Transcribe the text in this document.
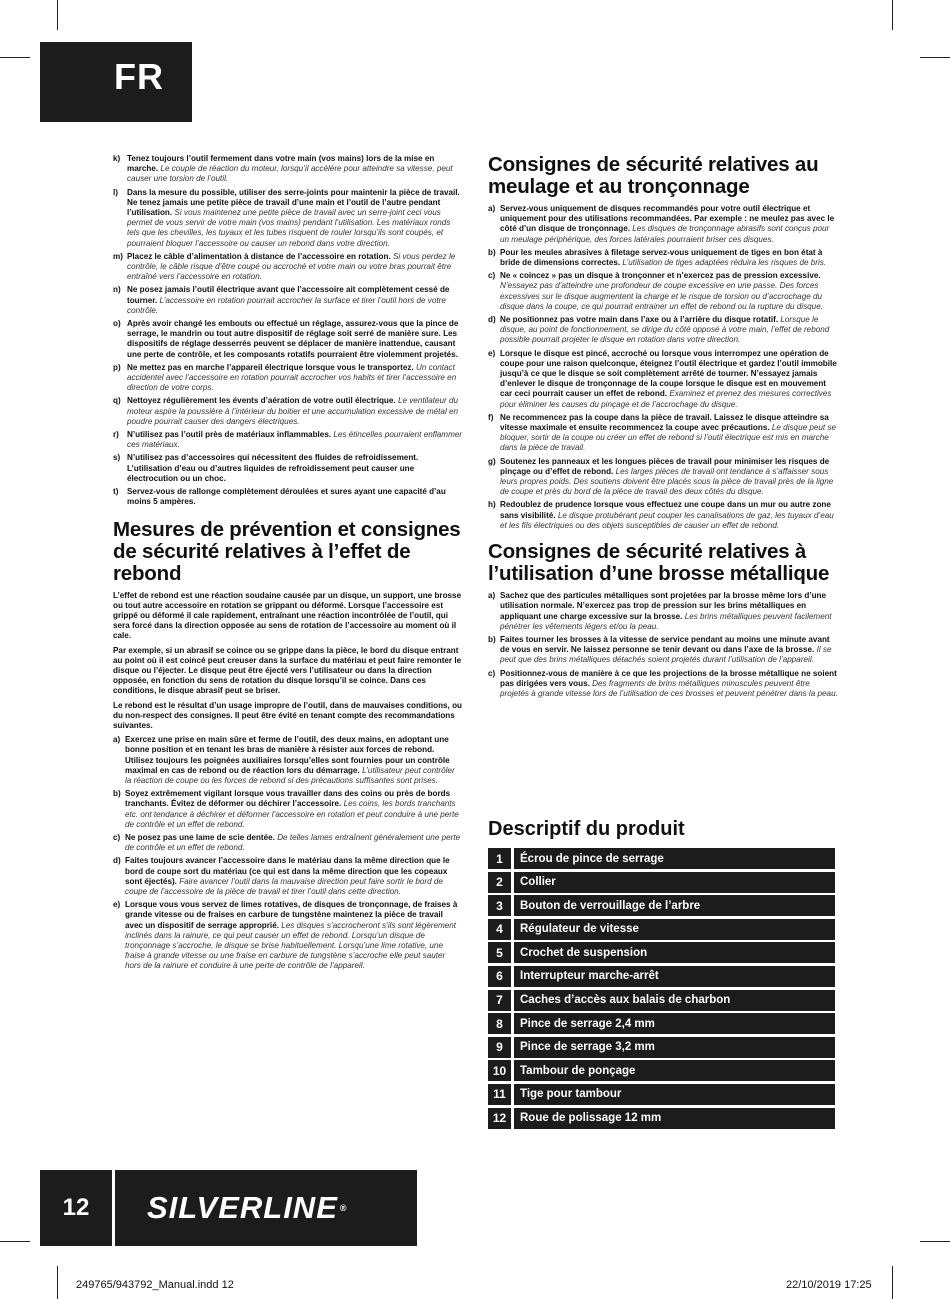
FR
k) Tenez toujours l’outil fermement dans votre main (vos mains) lors de la mise en marche. Le couple de réaction du moteur, lorsqu’il accélère pour atteindre sa vitesse, peut causer une torsion de l’outil.
l)	Dans la mesure du possible, utiliser des serre-joints pour maintenir la pièce de travail. Ne tenez jamais une petite pièce de travail d’une main et l’outil de l’autre pendant l’utilisation. Si vous maintenez une petite pièce de travail avec un serre-joint ceci vous permet de vous servir de votre main (vos mains) pendant l’utilisation. Les matériaux ronds tels que les chevilles, les tuyaux et les tubes risquent de rouler lorsqu’ils sont coupés, et pourraient bloquer l’accessoire ou causer un rebond dans votre direction.
m) Placez le câble d’alimentation à distance de l’accessoire en rotation. Si vous perdez le contrôle, le câble risque d’être coupé ou accroché et votre main ou votre bras pourrait être entraîné vers l’accessoire en rotation.
n) Ne posez jamais l’outil électrique avant que l’accessoire ait complètement cessé de tourner. L’accessoire en rotation pourrait accrocher la surface et tirer l’outil hors de votre contrôle.
o) Après avoir changé les embouts ou effectué un réglage, assurez-vous que la pince de serrage, le mandrin ou tout autre dispositif de réglage soit serré de manière sure. Les dispositifs de réglage desserrés peuvent se déplacer de manière inattendue, causant une perte de contrôle, et les composants rotatifs pourraient être violemment projetés.
p) Ne mettez pas en marche l’appareil électrique lorsque vous le transportez. Un contact accidentel avec l’accessoire en rotation pourrait accrocher vos habits et tirer l’accessoire en direction de votre corps.
q) Nettoyez régulièrement les évents d’aération de votre outil électrique. Le ventilateur du moteur aspire la poussière à l’intérieur du boitier et une accumulation excessive de métal en poudre pourrait causer des dangers électriques.
r) N’utilisez pas l’outil près de matériaux inflammables. Les étincelles pourraient enflammer ces matériaux.
s) N’utilisez pas d’accessoires qui nécessitent des fluides de refroidissement. L’utilisation d’eau ou d’autres liquides de refroidissement peut causer une électrocution ou un choc.
t)	Servez-vous de rallonge complètement déroulées et sures ayant une capacité d’au moins 5 ampères.
Mesures de prévention et consignes de sécurité relatives à l’effet de rebond

L’effet de rebond est une réaction soudaine causée par un disque, un support, une brosse ou tout autre accessoire en rotation se grippant ou déformé. Lorsque l’accessoire est grippé ou déformé il cale rapidement, entraînant une réaction incontrôlée de l’outil, qui sera forcé dans la direction opposée au sens de rotation de l’accessoire au moment où il cale.

Par exemple, si un abrasif se coince ou se grippe dans la pièce, le bord du disque entrant au point où il est coincé peut creuser dans la surface du matériau et peut faire remonter le disque ou l’éjecter. Le disque peut être éjecté vers l’utilisateur ou dans la direction opposée, en fonction du sens de rotation du disque lorsqu’il se coince. Dans ces conditions, le disque abrasif peut se briser.

Le rebond est le résultat d’un usage impropre de l’outil, dans de mauvaises conditions, ou du non-respect des consignes. Il peut être évité en tenant compte des recommandations suivantes.

a) Exercez une prise en main sûre et ferme de l’outil, des deux mains, en adoptant une bonne position et en tenant les bras de manière à résister aux forces de rebond. Utilisez toujours les poignées auxiliaires lorsqu’elles sont fournies pour un contrôle maximal en cas de rebond ou de réaction lors du démarrage. L’utilisateur peut contrôler la réaction de coupe ou les forces de rebond si des précautions suffisantes sont prises.
b) Soyez extrêmement vigilant lorsque vous travailler dans des coins ou près de bords tranchants. Évitez de déformer ou déchirer l’accessoire. Les coins, les bords tranchants etc. ont tendance à déchirer et déformer l’accessoire en rotation et peut conduire à une perte de contrôle et un effet de rebond.
c) Ne posez pas une lame de scie dentée. De telles lames entraînent généralement une perte de contrôle et un effet de rebond.
d) Faites toujours avancer l’accessoire dans le matériau dans la même direction que le bord de coupe sort du matériau (ce qui est dans la même direction que les copeaux sont éjectés). Faire avancer l’outil dans la mauvaise direction peut faire sortir le bord de coupe de l’accessoire de la pièce de travail et tirer l’outil dans cette direction.
e) Lorsque vous vous servez de limes rotatives, de disques de tronçonnage, de fraises à grande vitesse ou de fraises en carbure de tungstène maintenez la pièce de travail avec un dispositif de serrage approprié. Les disques s’accrocheront s’ils sont légèrement inclinés dans la rainure, ce qui peut causer un effet de rebond. Lorsqu’un disque de tronçonnage s’accroche, le disque se brise habituellement. Lorsqu’une lime rotative, une fraise à grande vitesse ou une fraise en carbure de tungstène s’accroche elle peut sauter hors de la rainure et conduire à une perte de contrôle de l’appareil.
Consignes de sécurité relatives au meulage et au tronçonnage
a) Servez-vous uniquement de disques recommandés pour votre outil électrique et uniquement pour des utilisations recommandées. Par exemple : ne meulez pas avec le côté d’un disque de tronçonnage. Les disques de tronçonnage abrasifs sont conçus pour un meulage périphérique, des forces latérales pourraient briser ces disques.
b) Pour les meules abrasives à filetage servez-vous uniquement de tiges en bon état à bride de dimensions correctes. L’utilisation de tiges adaptées réduira les risques de bris.
c) Ne « coincez » pas un disque à tronçonner et n’exercez pas de pression excessive. N’essayez pas d’atteindre une profondeur de coupe excessive en une passe. Des forces excessives sur le disque augmentent la charge et le risque de torsion ou d’accrochage du disque dans la coupe, ce qui pourrait entrainer un effet de rebond ou la rupture du disque.
d) Ne positionnez pas votre main dans l’axe ou à l’arrière du disque rotatif. Lorsque le disque, au point de fonctionnement, se dirige du côté opposé à votre main, l’effet de rebond possible pourrait projeter le disque en rotation dans votre direction.
e) Lorsque le disque est pincé, accroché ou lorsque vous interrompez une opération de coupe pour une raison quelconque, éteignez l’outil électrique et gardez l’outil immobile jusqu’à ce que le disque se soit complètement arrêté de tourner. N’essayez jamais d’enlever le disque de tronçonnage de la coupe lorsque le disque est en mouvement car ceci pourrait causer un effet de rebond. Examinez et prenez des mesures correctives pour éliminer les causes du pinçage et de l’accrochage du disque.
f) Ne recommencez pas la coupe dans la pièce de travail. Laissez le disque atteindre sa vitesse maximale et ensuite recommencez la coupe avec précautions. Le disque peut se bloquer, sortir de la coupe ou créer un effet de rebond si l’outil électrique est mis en marche dans la pièce de travail.
g) Soutenez les panneaux et les longues pièces de travail pour minimiser les risques de pinçage ou d’effet de rebond. Les larges pièces de travail ont tendance à s’affaisser sous leurs propres poids. Des soutiens doivent être placés sous la pièce de travail près de la ligne de coupe et près du bord de la pièce de travail des deux côtés du disque.
h) Redoublez de prudence lorsque vous effectuez une coupe dans un mur ou autre zone sans visibilité. Le disque protubérant peut couper les canalisations de gaz, les tuyaux d’eau et les fils électriques ou des objets susceptibles de causer un effet de rebond.
Consignes de sécurité relatives à l’utilisation d’une brosse métallique
a) Sachez que des particules métalliques sont projetées par la brosse même lors d’une utilisation normale. N’exercez pas trop de pression sur les brins métalliques en appliquant une charge excessive sur la brosse. Les brins métalliques peuvent facilement pénétrer les vêtements légers et/ou la peau.
b) Faites tourner les brosses à la vitesse de service pendant au moins une minute avant de vous en servir. Ne laissez personne se tenir devant ou dans l’axe de la brosse. Il se peut que des brins métalliques détachés soient projetés durant l’utilisation de l’appareil.
c) Positionnez-vous de manière à ce que les projections de la brosse métallique ne soient pas dirigées vers vous. Des fragments de brins métalliques minuscules peuvent être projetés à grande vitesse lors de l’utilisation de ces brosses et peuvent pénétrer dans la peau.
Descriptif du produit
1	Écrou de pince de serrage
2	Collier
3	Bouton de verrouillage de l’arbre
4	Régulateur de vitesse
5	Crochet de suspension
6	Interrupteur marche-arrêt
7	Caches d’accès aux balais de charbon
8	Pince de serrage 2,4 mm
9	Pince de serrage 3,2 mm
10	Tambour de ponçage
11	Tige pour tambour
12	Roue de polissage 12 mm
12	SILVERLINE ®
249765/943792_Manual.indd 12	22/10/2019 17:25
